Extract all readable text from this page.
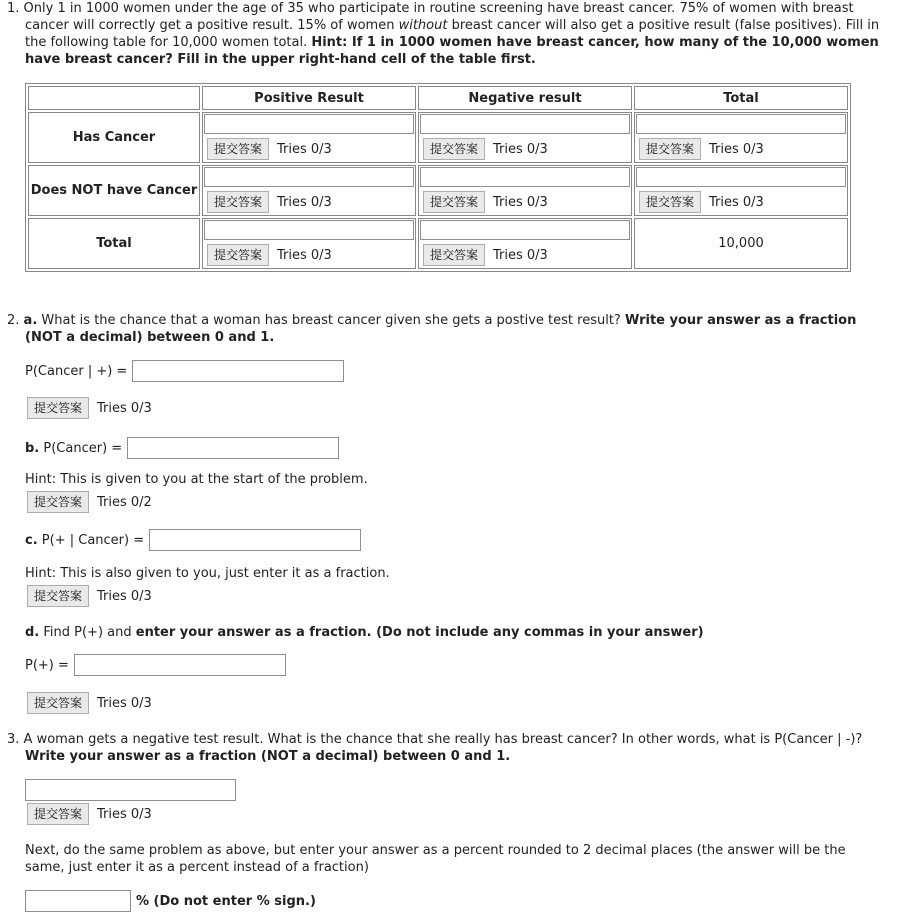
1. Only 1 in 1000 women under the age of 35 who participate in routine screening have breast cancer. 75% of women with breast

cancer will correctly get a positive result. 15% of women without breast cancer will also get a positive result (false positives). Fill in

the following table for 10,000 women total. Hint: If 1 in 1000 women have breast cancer, how many of the 10,000 women

have breast cancer? Fill in the upper right-hand cell of the table first.

	Positive Result	Negative result	Total
Has Cancer	提交答案 Tries 0/3	提交答案 Tries 0/3	提交答案 Tries 0/3

Does NOT have Cancer	提交答案 Tries 0/3	提交答案 Tries 0/3	提交答案 Tries 0/3

Total	提交答案 Tries 0/3	提交答案 Tries 0/3	10,000

2. a. What is the chance that a woman has breast cancer given she gets a postive test result? Write your answer as a fraction

(NOT a decimal) between 0 and 1.

P(Cancer | +) =
提交答案 Tries 0/3
b. P(Cancer) =

Hint: This is given to you at the start of the problem.

提交答案 Tries 0/2
c. P(+ | Cancer) =

Hint: This is also given to you, just enter it as a fraction.

提交答案 Tries 0/3

d. Find P(+) and enter your answer as a fraction. (Do not include any commas in your answer)

P(+) =
提交答案 Tries 0/3

3. A woman gets a negative test result. What is the chance that she really has breast cancer? In other words, what is P(Cancer | -)?

Write your answer as a fraction (NOT a decimal) between 0 and 1.

提交答案 Tries 0/3

Next, do the same problem as above, but enter your answer as a percent rounded to 2 decimal places (the answer will be the

same, just enter it as a percent instead of a fraction)

% (Do not enter % sign.)
